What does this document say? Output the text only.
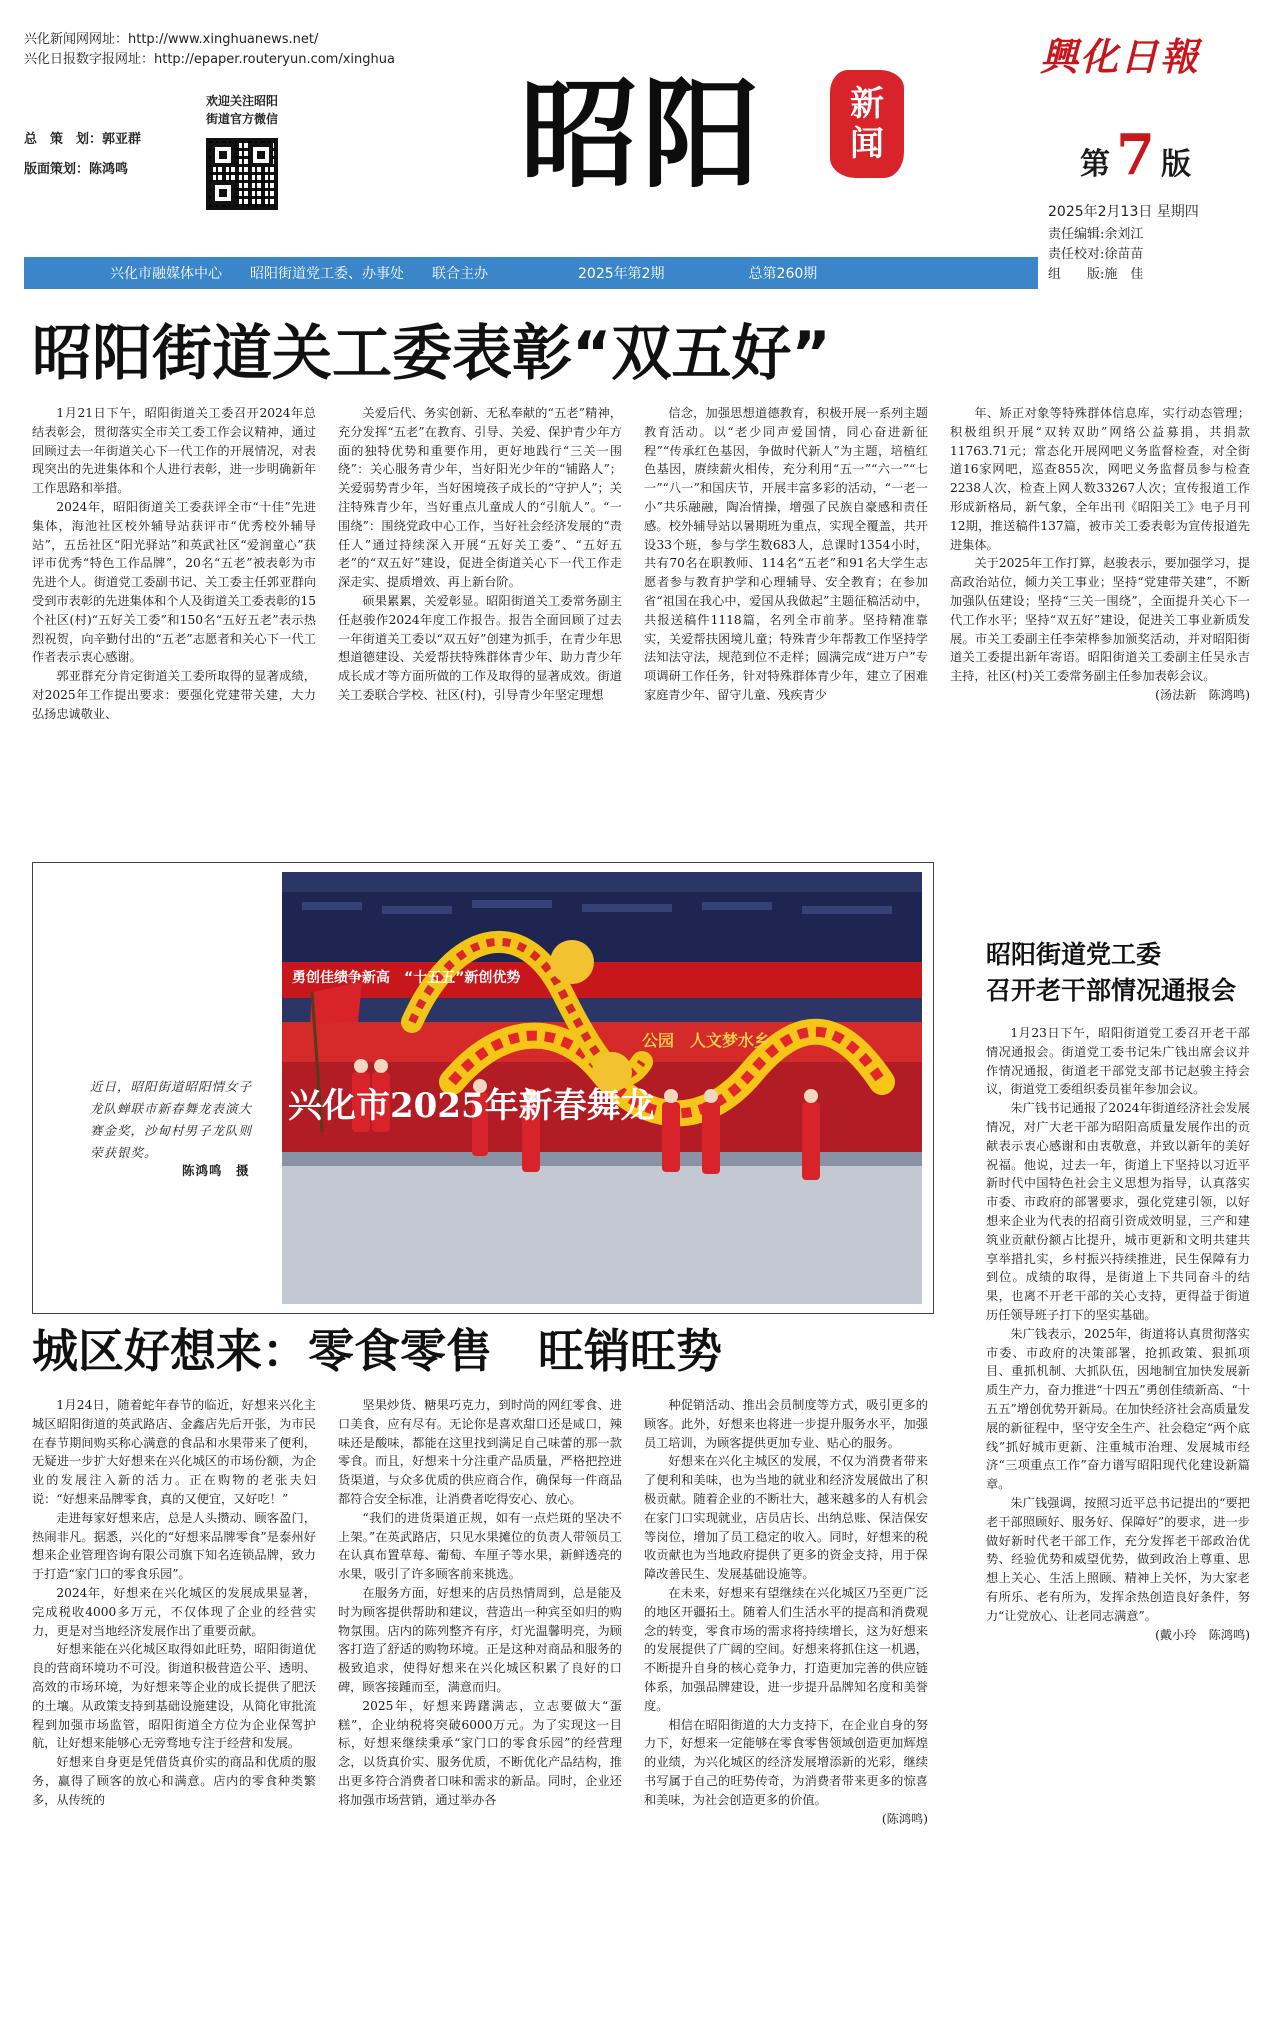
兴化新闻网网址：http://www.xinghuanews.net/
兴化日报数字报网址：http://epaper.routeryun.com/xinghua
总　策　划：郭亚群
版面策划：陈鸿鸣
欢迎关注昭阳
街道官方微信 昭阳	新
闻
興化日報
第 7 版
2025年2月13日 星期四
责任编辑:余刘江
责任校对:徐苗苗
组　　版:施　佳
兴化市融媒体中心　　昭阳街道党工委、办事处　　联合主办	2025年第2期	总第260期
昭阳街道关工委表彰“双五好”

1月21日下午，昭阳街道关工委召开2024年总结表彰会，贯彻落实全市关工委工作会议精神，通过回顾过去一年街道关心下一代工作的开展情况，对表现突出的先进集体和个人进行表彰，进一步明确新年工作思路和举措。

2024年，昭阳街道关工委获评全市“十佳”先进集体，海池社区校外辅导站获评市“优秀校外辅导站”，五岳社区“阳光驿站”和英武社区“爱润童心”获评市优秀“特色工作品牌”，20名“五老”被表彰为市先进个人。街道党工委副书记、关工委主任郭亚群向受到市表彰的先进集体和个人及街道关工委表彰的15个社区(村)“五好关工委”和150名“五好五老”表示热烈祝贺，向辛勤付出的“五老”志愿者和关心下一代工作者表示衷心感谢。

郭亚群充分肯定街道关工委所取得的显著成绩，对2025年工作提出要求：要强化党建带关建，大力弘扬忠诚敬业、

关爱后代、务实创新、无私奉献的“五老”精神，充分发挥“五老”在教育、引导、关爱、保护青少年方面的独特优势和重要作用，更好地践行“三关一围绕”：关心服务青少年，当好阳光少年的“铺路人”；关爱弱势青少年，当好困境孩子成长的“守护人”；关注特殊青少年，当好重点儿童成人的“引航人”。“一围绕”：围绕党政中心工作，当好社会经济发展的“责任人”通过持续深入开展“五好关工委”、“五好五老”的“双五好”建设，促进全街道关心下一代工作走深走实、提质增效、再上新台阶。

硕果累累，关爱彰显。昭阳街道关工委常务副主任赵骏作2024年度工作报告。报告全面回顾了过去一年街道关工委以“双五好”创建为抓手，在青少年思想道德建设、关爱帮扶特殊群体青少年、助力青少年成长成才等方面所做的工作及取得的显著成效。街道关工委联合学校、社区(村)，引导青少年坚定理想

信念，加强思想道德教育，积极开展一系列主题教育活动。以“老少同声爱国情，同心奋进新征程”“传承红色基因，争做时代新人”为主题，培植红色基因，赓续薪火相传，充分利用“五一”“六一”“七一”“八一”和国庆节，开展丰富多彩的活动，“一老一小”共乐融融，陶冶情操，增强了民族自豪感和责任感。校外辅导站以暑期班为重点，实现全覆盖，共开设33个班，参与学生数683人，总课时1354小时，共有70名在职教师、114名“五老”和91名大学生志愿者参与教育护学和心理辅导、安全教育；在参加省“祖国在我心中，爱国从我做起”主题征稿活动中，共报送稿件1118篇，名列全市前茅。坚持精准靠实，关爱帮扶困境儿童；特殊青少年帮教工作坚持学法知法守法，规范到位不走样；圆满完成“进万户”专项调研工作任务，针对特殊群体青少年，建立了困难家庭青少年、留守儿童、残疾青少

年、矫正对象等特殊群体信息库，实行动态管理；积极组织开展“双转双助”网络公益募捐，共捐款11763.71元；常态化开展网吧义务监督检查，对全街道16家网吧，巡查855次，网吧义务监督员参与检查2238人次，检查上网人数33267人次；宣传报道工作形成新格局，新气象，全年出刊《昭阳关工》电子月刊12期，推送稿件137篇，被市关工委表彰为宣传报道先进集体。

关于2025年工作打算，赵骏表示，要加强学习，提高政治站位，倾力关工事业；坚持“党建带关建”，不断加强队伍建设；坚持“三关一围绕”，全面提升关心下一代工作水平；坚持“双五好”建设，促进关工事业新质发展。市关工委副主任李荣桦参加颁奖活动，并对昭阳街道关工委提出新年寄语。昭阳街道关工委副主任吴永吉主持，社区(村)关工委常务副主任参加表彰会议。

(汤法新　陈鸿鸣)
近日，昭阳街道昭阳情女子龙队蝉联市新春舞龙表演大赛金奖，沙甸村男子龙队则荣获银奖。
陈鸿鸣　摄
勇创佳绩争新高　“十五五”新创优势
公园　人文梦水乡
兴化市2025年新春舞龙
昭阳街道党工委
召开老干部情况通报会

1月23日下午，昭阳街道党工委召开老干部情况通报会。街道党工委书记朱广钱出席会议并作情况通报，街道老干部党支部书记赵骏主持会议，街道党工委组织委员崔年参加会议。

朱广钱书记通报了2024年街道经济社会发展情况，对广大老干部为昭阳高质量发展作出的贡献表示衷心感谢和由衷敬意，并致以新年的美好祝福。他说，过去一年，街道上下坚持以习近平新时代中国特色社会主义思想为指导，认真落实市委、市政府的部署要求，强化党建引领，以好想来企业为代表的招商引资成效明显，三产和建筑业贡献份额占比提升，城市更新和文明共建共享举措扎实，乡村振兴持续推进，民生保障有力到位。成绩的取得，是街道上下共同奋斗的结果，也离不开老干部的关心支持，更得益于街道历任领导班子打下的坚实基础。

朱广钱表示，2025年，街道将认真贯彻落实市委、市政府的决策部署，抢抓政策、狠抓项目、重抓机制、大抓队伍，因地制宜加快发展新质生产力，奋力推进“十四五”勇创佳绩新高、“十五五”增创优势开新局。在加快经济社会高质量发展的新征程中，坚守安全生产、社会稳定“两个底线”抓好城市更新、注重城市治理、发展城市经济“三项重点工作”奋力谱写昭阳现代化建设新篇章。

朱广钱强调，按照习近平总书记提出的“要把老干部照顾好、服务好、保障好”的要求，进一步做好新时代老干部工作，充分发挥老干部政治优势、经验优势和威望优势，做到政治上尊重、思想上关心、生活上照顾、精神上关怀，为大家老有所乐、老有所为，发挥余热创造良好条件，努力“让党放心、让老同志满意”。

(戴小玲　陈鸿鸣)
城区好想来：零食零售　旺销旺势

1月24日，随着蛇年春节的临近，好想来兴化主城区昭阳街道的英武路店、金鑫店先后开张，为市民在春节期间购买称心满意的食品和水果带来了便利，无疑进一步扩大好想来在兴化城区的市场份额，为企业的发展注入新的活力。正在购物的老张夫妇说：“好想来品牌零食，真的又便宜，又好吃！”

走进每家好想来店，总是人头攒动、顾客盈门，热闹非凡。据悉，兴化的“好想来品牌零食”是泰州好想来企业管理咨询有限公司旗下知名连锁品牌，致力于打造“家门口的零食乐园”。

2024年，好想来在兴化城区的发展成果显著，完成税收4000多万元，不仅体现了企业的经营实力，更是对当地经济发展作出了重要贡献。

好想来能在兴化城区取得如此旺势，昭阳街道优良的营商环境功不可没。街道积极营造公平、透明、高效的市场环境，为好想来等企业的成长提供了肥沃的土壤。从政策支持到基础设施建设，从简化审批流程到加强市场监管，昭阳街道全方位为企业保驾护航，让好想来能够心无旁骛地专注于经营和发展。

好想来自身更是凭借货真价实的商品和优质的服务，赢得了顾客的放心和满意。店内的零食种类繁多，从传统的

坚果炒货、糖果巧克力，到时尚的网红零食、进口美食，应有尽有。无论你是喜欢甜口还是咸口，辣味还是酸味，都能在这里找到满足自己味蕾的那一款零食。而且，好想来十分注重产品质量，严格把控进货渠道，与众多优质的供应商合作，确保每一件商品都符合安全标准，让消费者吃得安心、放心。

“我们的进货渠道正规，如有一点烂斑的坚决不上架。”在英武路店，只见水果摊位的负责人带领员工在认真布置草莓、葡萄、车厘子等水果，新鲜透亮的水果，吸引了许多顾客前来挑选。

在服务方面，好想来的店员热情周到，总是能及时为顾客提供帮助和建议，营造出一种宾至如归的购物氛围。店内的陈列整齐有序，灯光温馨明亮，为顾客打造了舒适的购物环境。正是这种对商品和服务的极致追求，使得好想来在兴化城区积累了良好的口碑，顾客接踵而至，满意而归。

2025年，好想来踌躇满志，立志要做大“蛋糕”，企业纳税将突破6000万元。为了实现这一目标，好想来继续秉承“家门口的零食乐园”的经营理念，以货真价实、服务优质，不断优化产品结构，推出更多符合消费者口味和需求的新品。同时，企业还将加强市场营销，通过举办各

种促销活动、推出会员制度等方式，吸引更多的顾客。此外，好想来也将进一步提升服务水平，加强员工培训，为顾客提供更加专业、贴心的服务。

好想来在兴化主城区的发展，不仅为消费者带来了便利和美味，也为当地的就业和经济发展做出了积极贡献。随着企业的不断壮大，越来越多的人有机会在家门口实现就业，店员店长、出纳总账、保洁保安等岗位，增加了员工稳定的收入。同时，好想来的税收贡献也为当地政府提供了更多的资金支持，用于保障改善民生、发展基础设施等。

在未来，好想来有望继续在兴化城区乃至更广泛的地区开疆拓土。随着人们生活水平的提高和消费观念的转变，零食市场的需求将持续增长，这为好想来的发展提供了广阔的空间。好想来将抓住这一机遇，不断提升自身的核心竞争力，打造更加完善的供应链体系，加强品牌建设，进一步提升品牌知名度和美誉度。

相信在昭阳街道的大力支持下，在企业自身的努力下，好想来一定能够在零食零售领域创造更加辉煌的业绩，为兴化城区的经济发展增添新的光彩，继续书写属于自己的旺势传奇，为消费者带来更多的惊喜和美味，为社会创造更多的价值。

(陈鸿鸣)
